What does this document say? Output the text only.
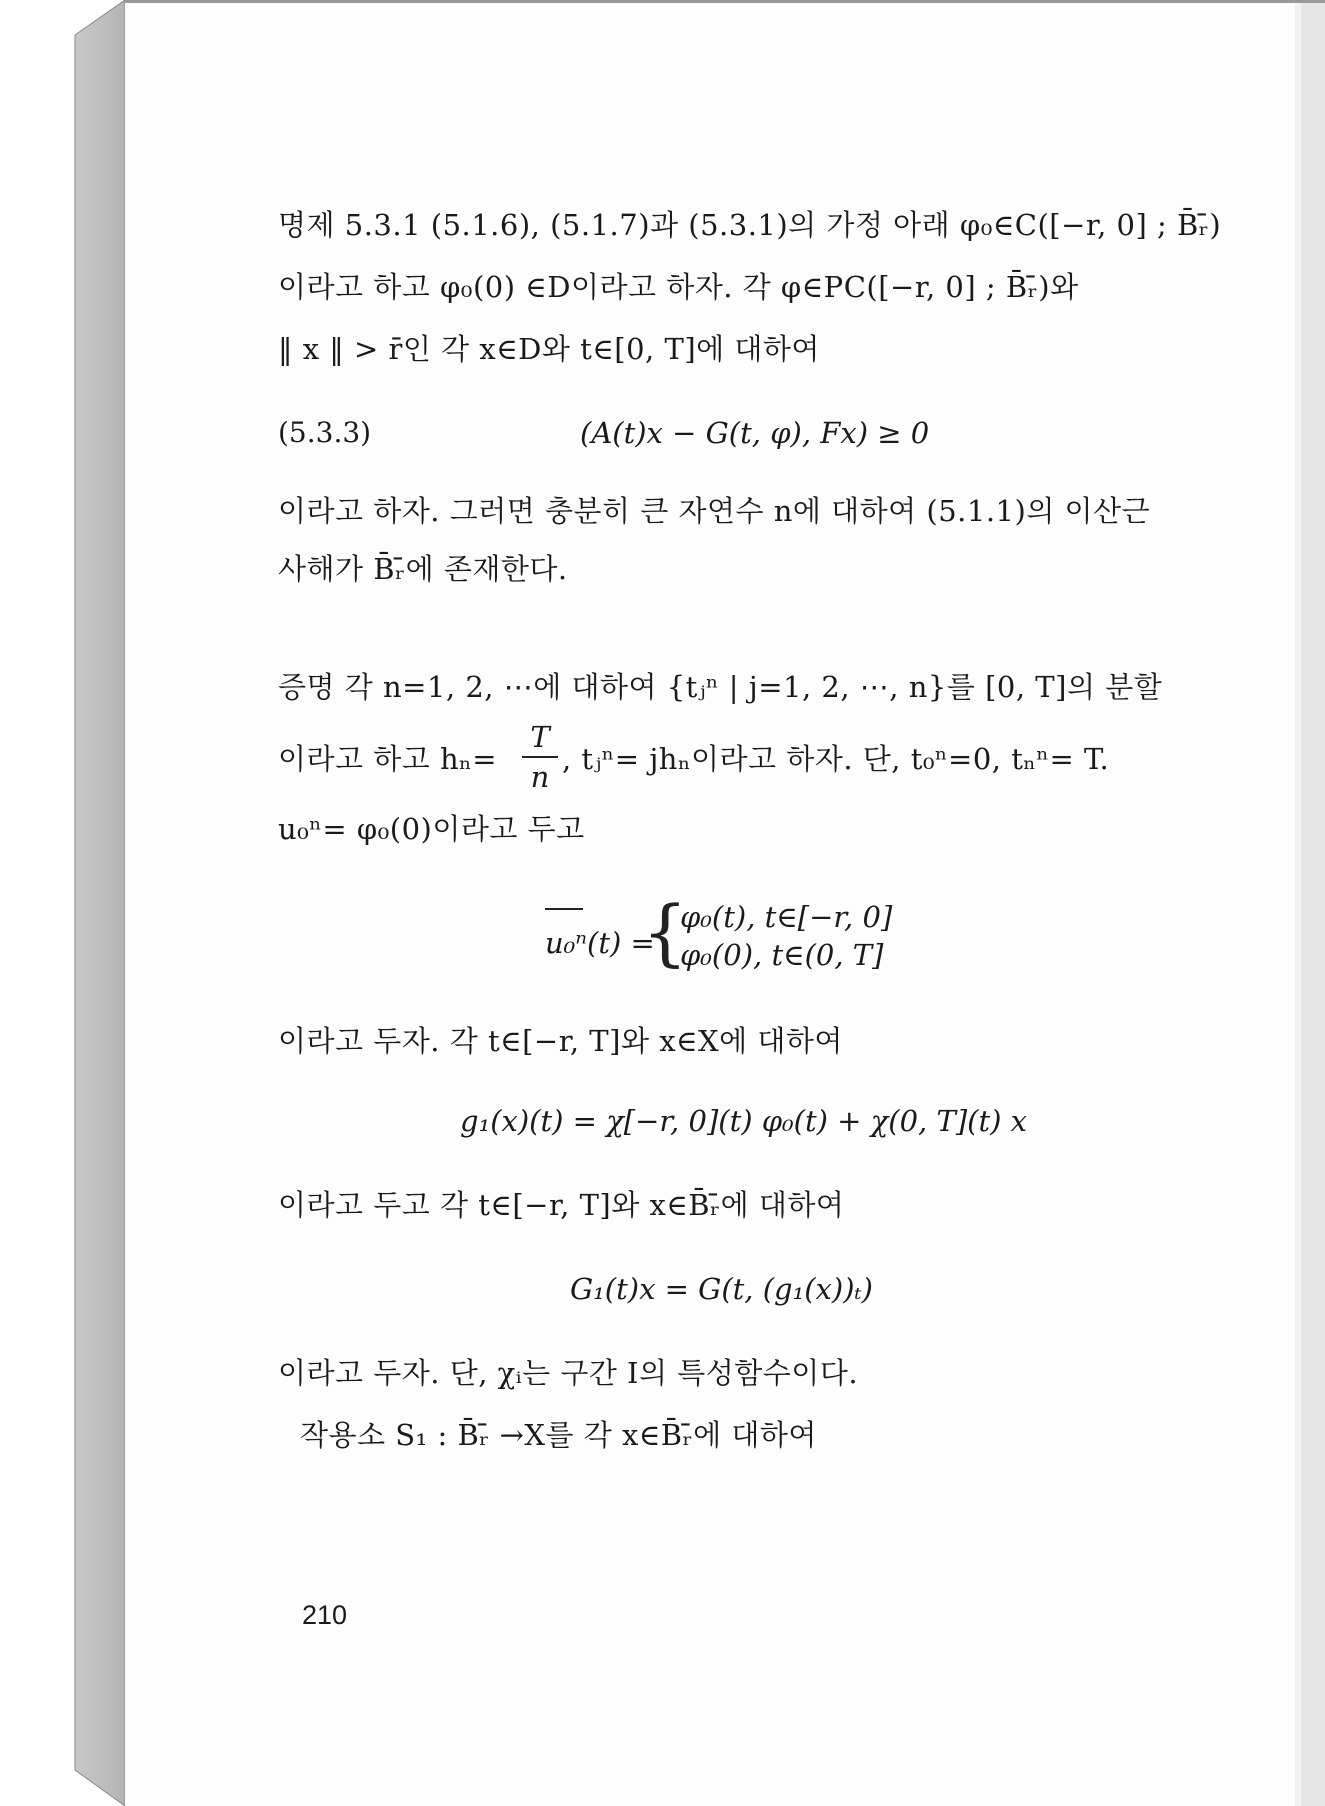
명제 5.3.1 (5.1.6), (5.1.7)과 (5.3.1)의 가정 아래 φ₀∈C([−r, 0] ; B̄ᵣ̄)
이라고 하고 φ₀(0) ∈D이라고 하자. 각 φ∈PC([−r, 0] ; B̄ᵣ̄)와
‖ x ‖ > r̄인 각 x∈D와 t∈[0, T]에 대하여
(5.3.3)	(A(t)x − G(t, φ), Fx) ≥ 0
이라고 하자. 그러면 충분히 큰 자연수 n에 대하여 (5.1.1)의 이산근
사해가 B̄ᵣ̄에 존재한다.
증명 각 n=1, 2, ⋯에 대하여 {tⱼⁿ | j=1, 2, ⋯, n}를 [0, T]의 분할
이라고 하고 hₙ=
T
n
, tⱼⁿ= jhₙ이라고 하자. 단, t₀ⁿ=0, tₙⁿ= T.
u₀ⁿ= φ₀(0)이라고 두고
u₀ⁿ(t) =
{
φ₀(t), t∈[−r, 0]
φ₀(0), t∈(0, T]
이라고 두자. 각 t∈[−r, T]와 x∈X에 대하여
g₁(x)(t) = χ[−r, 0](t) φ₀(t) + χ(0, T](t) x
이라고 두고 각 t∈[−r, T]와 x∈B̄ᵣ̄에 대하여
G₁(t)x = G(t, (g₁(x))ₜ)
이라고 두자. 단, χᵢ는 구간 I의 특성함수이다.
작용소 S₁ : B̄ᵣ̄ →X를 각 x∈B̄ᵣ̄에 대하여
210
